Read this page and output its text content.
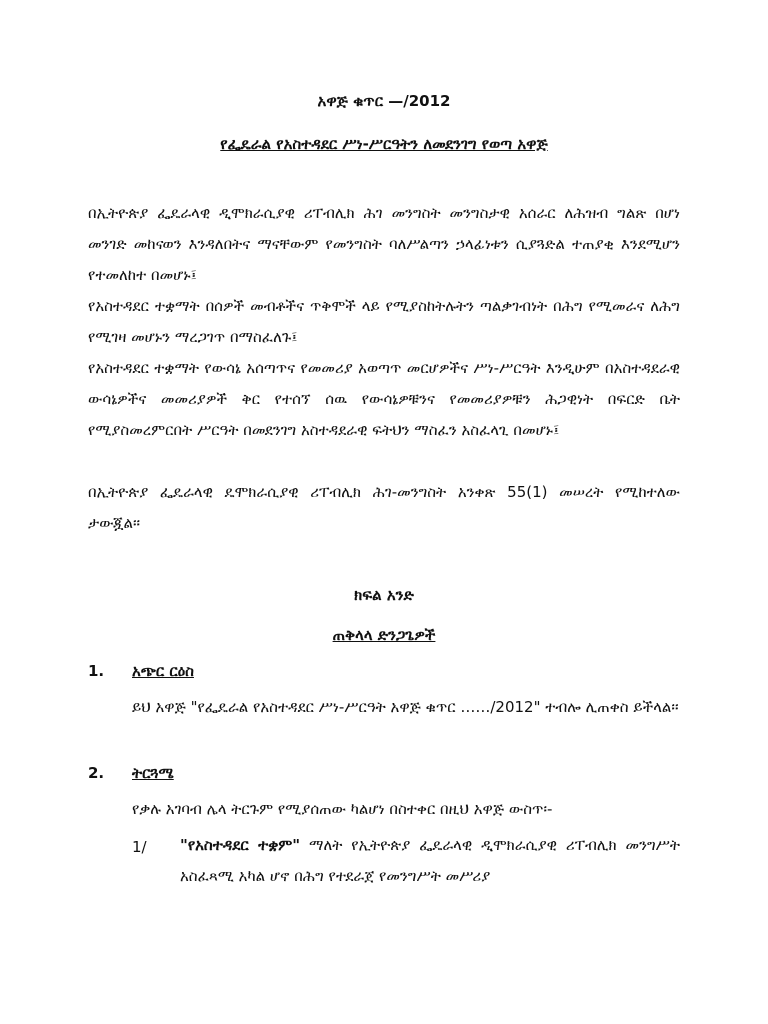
አዋጅ ቁጥር —/2012

የፌዴራል የአስተዳደር ሥነ-ሥርዓትን ለመደንገግ የወጣ አዋጅ

በኢትዮጵያ ፌዴራላዊ ዲሞክራሲያዊ ሪፐብሊክ ሕገ መንግስት መንግስታዊ አሰራር ለሕዝብ ግልጽ በሆነ መንገድ መከናወን እንዳለበትና ማናቸውም የመንግስት ባለሥልጣን ኃላፊነቱን ሲያጓድል ተጠያቂ እንደሚሆን የተመለከተ በመሆኑ፤

የአስተዳደር ተቋማት በሰዎች መብቶችና ጥቅሞች ላይ የሚያስከትሉትን ጣልቃገብነት በሕግ የሚመራና ለሕግ የሚገዛ መሆኑን ማረጋገጥ በማስፈለጉ፤

የአስተዳደር ተቋማት የውሳኔ አሰጣጥና የመመሪያ አወጣጥ መርሆዎችና ሥነ-ሥርዓት እንዲሁም በአስተዳደራዊ ውሳኔዎችና መመሪያዎች ቅር የተሰኘ ሰዉ የውሳኔዎቹንና የመመሪያዎቹን ሕጋዊነት በፍርድ ቤት የሚያስመረምርበት ሥርዓት በመደንገግ አስተዳደራዊ ፍትህን ማስፈን አስፈላጊ በመሆኑ፤

በኢትዮጵያ ፌዴራላዊ ዴሞክራሲያዊ ሪፐብሊክ ሕገ-መንግስት አንቀጽ 55(1) መሠረት የሚከተለው ታውጇል፡፡

ክፍል አንድ

ጠቅላላ ድንጋጌዎች

1. አጭር ርዕስ

ይህ አዋጅ "የፌዴራል የአስተዳደር ሥነ-ሥርዓት አዋጅ ቁጥር ……/2012" ተብሎ ሊጠቀስ ይችላል፡፡

2. ትርጓሜ

የቃሉ አገባብ ሌላ ትርጉም የሚያሰጠው ካልሆነ በስተቀር በዚህ አዋጅ ውስጥ፡-

1/ "የአስተዳደር ተቋም" ማለት የኢትዮጵያ ፌዴራላዊ ዲሞክራሲያዊ ሪፐብሊክ መንግሥት አስፈጻሚ አካል ሆኖ በሕግ የተደራጀ የመንግሥት መሥሪያ
